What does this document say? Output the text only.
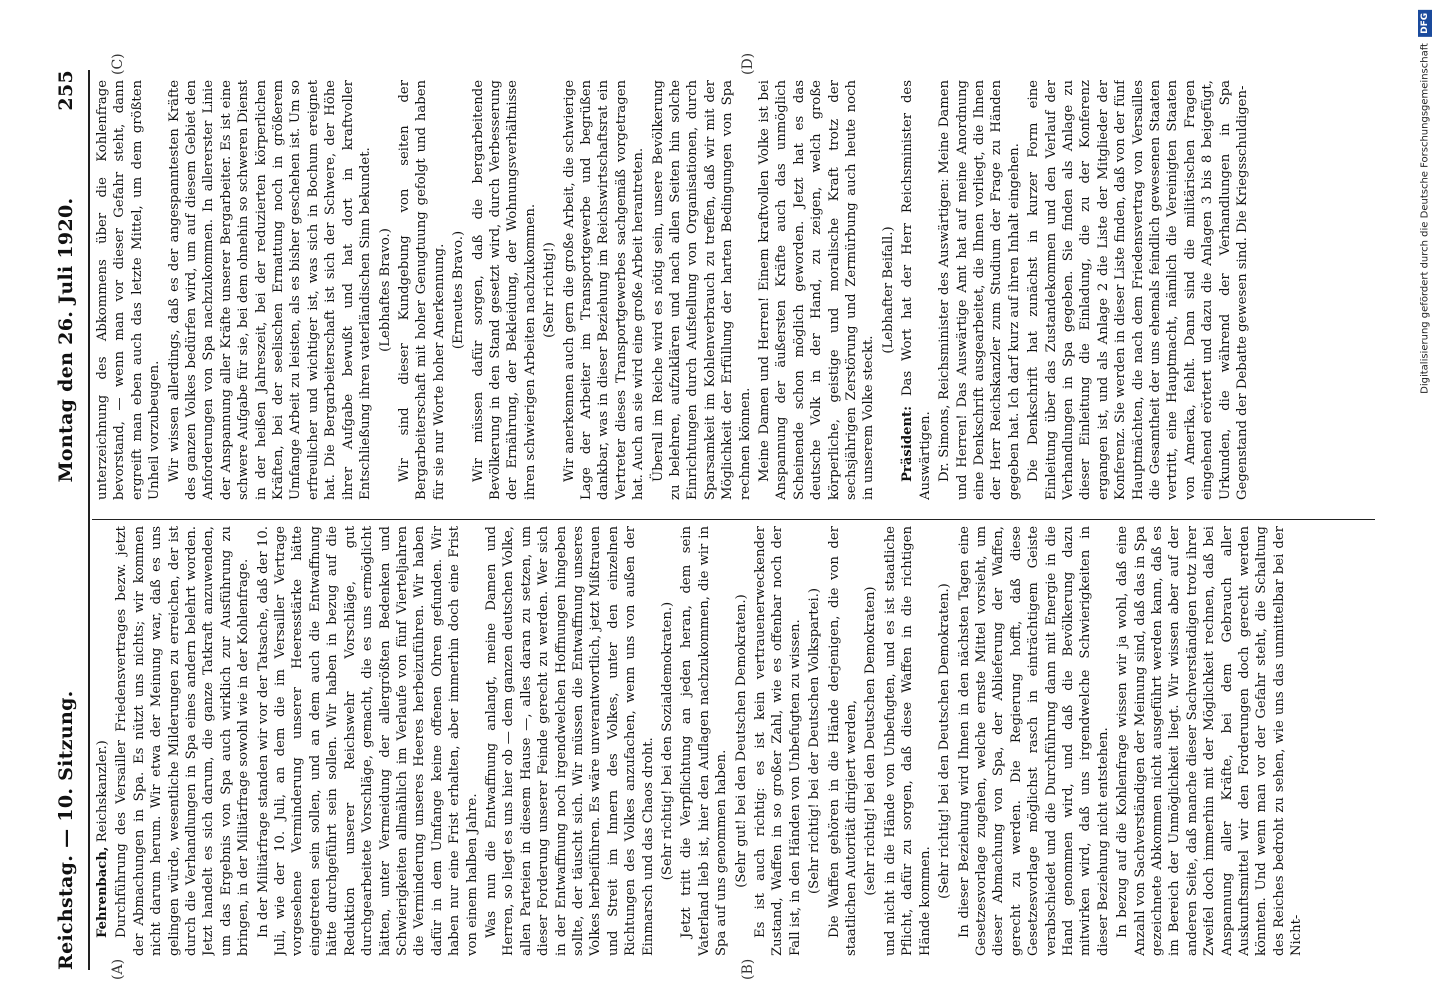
Reichstag. — 10. Sitzung.
Montag den 26. Juli 1920.
255
(A)	(B)
(C)	(D)

Fehrenbach, Reichskanzler.) Durchführung des Versailler Friedensvertrages bezw. jetzt der Abmachungen in Spa. Es nützt uns nichts; wir kommen nicht darum herum. Wir etwa der Meinung war, daß es uns gelingen würde, wesentliche Milderungen zu erreichen, der ist durch die Verhandlungen in Spa eines andern belehrt worden. Jetzt handelt es sich darum, die ganze Tatkraft anzuwenden, um das Ergebnis von Spa auch wirklich zur Ausführung zu bringen, in der Militärfrage sowohl wie in der Kohlenfrage. In der Militärfrage standen wir vor der Tatsache, daß der 10. Juli, wie der 10. Juli, an dem die im Versailler Vertrage vorgesehene Verminderung unserer Heeresstärke hätte eingetreten sein sollen, und an dem auch die Entwaffnung hätte durchgeführt sein sollen. Wir haben in bezug auf die Reduktion unserer Reichswehr Vorschläge, gut durchgearbeitete Vorschläge, gemacht, die es uns ermöglicht hätten, unter Vermeidung der allergrößten Bedenken und Schwierigkeiten allmählich im Verlaufe von fünf Vierteljahren die Verminderung unseres Heeres herbeizuführen. Wir haben dafür in dem Umfange keine offenen Ohren gefunden. Wir haben nur eine Frist erhalten, aber immerhin doch eine Frist von einem halben Jahre. Was nun die Entwaffnung anlangt, meine Damen und Herren, so liegt es uns hier ob — dem ganzen deutschen Volke, allen Parteien in diesem Hause —, alles daran zu setzen, um dieser Forderung unserer Feinde gerecht zu werden. Wer sich in der Entwaffnung noch irgendwelchen Hoffnungen hingeben sollte, der täuscht sich. Wir müssen die Entwaffnung unseres Volkes herbeiführen. Es wäre unverantwortlich, jetzt Mißtrauen und Streit im Innern des Volkes, unter den einzelnen Richtungen des Volkes anzufachen, wenn uns von außen der Einmarsch und das Chaos droht. (Sehr richtig! bei den Sozialdemokraten.) Jetzt tritt die Verpflichtung an jeden heran, dem sein Vaterland lieb ist, hier den Auflagen nachzukommen, die wir in Spa auf uns genommen haben. (Sehr gut! bei den Deutschen Demokraten.) Es ist auch richtig: es ist kein vertrauenerweckender Zustand, Waffen in so großer Zahl, wie es offenbar noch der Fall ist, in den Händen von Unbefugten zu wissen. (Sehr richtig! bei der Deutschen Volkspartei.) Die Waffen gehören in die Hände derjenigen, die von der staatlichen Autorität dirigiert werden, (sehr richtig! bei den Deutschen Demokraten) und nicht in die Hände von Unbefugten, und es ist staatliche Pflicht, dafür zu sorgen, daß diese Waffen in die richtigen Hände kommen.

(Sehr richtig! bei den Deutschen Demokraten.) In dieser Beziehung wird Ihnen in den nächsten Tagen eine Gesetzesvorlage zugehen, welche ernste Mittel vorsieht, um dieser Abmachung von Spa, der Ablieferung der Waffen, gerecht zu werden. Die Regierung hofft, daß diese Gesetzesvorlage möglichst rasch in einträchtigem Geiste verabschiedet und die Durchführung dann mit Energie in die Hand genommen wird, und daß die Bevölkerung dazu mitwirken wird, daß uns irgendwelche Schwierigkeiten in dieser Beziehung nicht entstehen. In bezug auf die Kohlenfrage wissen wir ja wohl, daß eine Anzahl von Sachverständigen der Meinung sind, daß das in Spa gezeichnete Abkommen nicht ausgeführt werden kann, daß es im Bereich der Unmöglichkeit liegt. Wir wissen aber auf der anderen Seite, daß manche dieser Sachverständigen trotz ihrer Zweifel doch immerhin mit der Möglichkeit rechnen, daß bei Anspannung aller Kräfte, bei dem Gebrauch aller Auskunftsmittel wir den Forderungen doch gerecht werden könnten. Und wenn man vor der Gefahr steht, die Schaltung des Reiches bedroht zu sehen, wie uns das unmittelbar bei der Nicht-

unterzeichnung des Abkommens über die Kohlenfrage bevorstand, — wenn man vor dieser Gefahr steht, dann ergreift man eben auch das letzte Mittel, um dem größten Unheil vorzubeugen. Wir wissen allerdings, daß es der angespanntesten Kräfte des ganzen Volkes bedürfen wird, um auf diesem Gebiet den Anforderungen von Spa nachzukommen. In allererster Linie der Anspannung aller Kräfte unserer Bergarbeiter. Es ist eine schwere Aufgabe für sie, bei dem ohnehin so schweren Dienst in der heißen Jahreszeit, bei der reduzierten körperlichen Kräften, bei der seelischen Ermattung noch in größerem Umfange Arbeit zu leisten, als es bisher geschehen ist. Um so erfreulicher und wichtiger ist, was sich in Bochum ereignet hat. Die Bergarbeiterschaft ist sich der Schwere, der Höhe ihrer Aufgabe bewußt und hat dort in kraftvoller Entschließung ihren vaterländischen Sinn bekundet. (Lebhaftes Bravo.) Wir sind dieser Kundgebung von seiten der Bergarbeiterschaft mit hoher Genugtuung gefolgt und haben für sie nur Worte hoher Anerkennung. (Erneutes Bravo.) Wir müssen dafür sorgen, daß die bergarbeitende Bevölkerung in den Stand gesetzt wird, durch Verbesserung der Ernährung, der Bekleidung, der Wohnungsverhältnisse ihren schwierigen Arbeiten nachzukommen. (Sehr richtig!) Wir anerkennen auch gern die große Arbeit, die schwierige Lage der Arbeiter im Transportgewerbe und begrüßen dankbar, was in dieser Beziehung im Reichswirtschaftsrat ein Vertreter dieses Transportgewerbes sachgemäß vorgetragen hat. Auch an sie wird eine große Arbeit herantreten. Überall im Reiche wird es nötig sein, unsere Bevölkerung zu belehren, aufzuklären und nach allen Seiten hin solche Einrichtungen durch Aufstellung von Organisationen, durch Sparsamkeit im Kohlenverbrauch zu treffen, daß wir mit der Möglichkeit der Erfüllung der harten Bedingungen von Spa rechnen können. Meine Damen und Herren! Einem kraftvollen Volke ist bei Anspannung der äußersten Kräfte auch das unmöglich Scheinende schon möglich geworden. Jetzt hat es das deutsche Volk in der Hand, zu zeigen, welch große körperliche, geistige und moralische Kraft trotz der sechsjährigen Zerstörung und Zermürbung auch heute noch in unserem Volke steckt.

(Lebhafter Beifall.)

Präsident: Das Wort hat der Herr Reichsminister des Auswärtigen. Dr. Simons, Reichsminister des Auswärtigen: Meine Damen und Herren! Das Auswärtige Amt hat auf meine Anordnung eine Denkschrift ausgearbeitet, die Ihnen vorliegt, die Ihnen der Herr Reichskanzler zum Studium der Frage zu Händen gegeben hat. Ich darf kurz auf ihren Inhalt eingehen. Die Denkschrift hat zunächst in kurzer Form eine Einleitung über das Zustandekommen und den Verlauf der Verhandlungen in Spa gegeben. Sie finden als Anlage zu dieser Einleitung die Einladung, die zu der Konferenz ergangen ist, und als Anlage 2 die Liste der Mitglieder der Konferenz. Sie werden in dieser Liste finden, daß von der fünf Hauptmächten, die nach dem Friedensvertrag von Versailles die Gesamtheit der uns ehemals feindlich gewesenen Staaten vertritt, eine Hauptmacht, nämlich die Vereinigten Staaten von Amerika, fehlt. Dann sind die militärischen Fragen eingehend erörtert und dazu die Anlagen 3 bis 8 beigefügt, Urkunden, die während der Verhandlungen in Spa Gegenstand der Debatte gewesen sind. Die Kriegsschuldigen-	Digitalisierung gefördert durch die Deutsche Forschungsgemeinschaft
DFG
